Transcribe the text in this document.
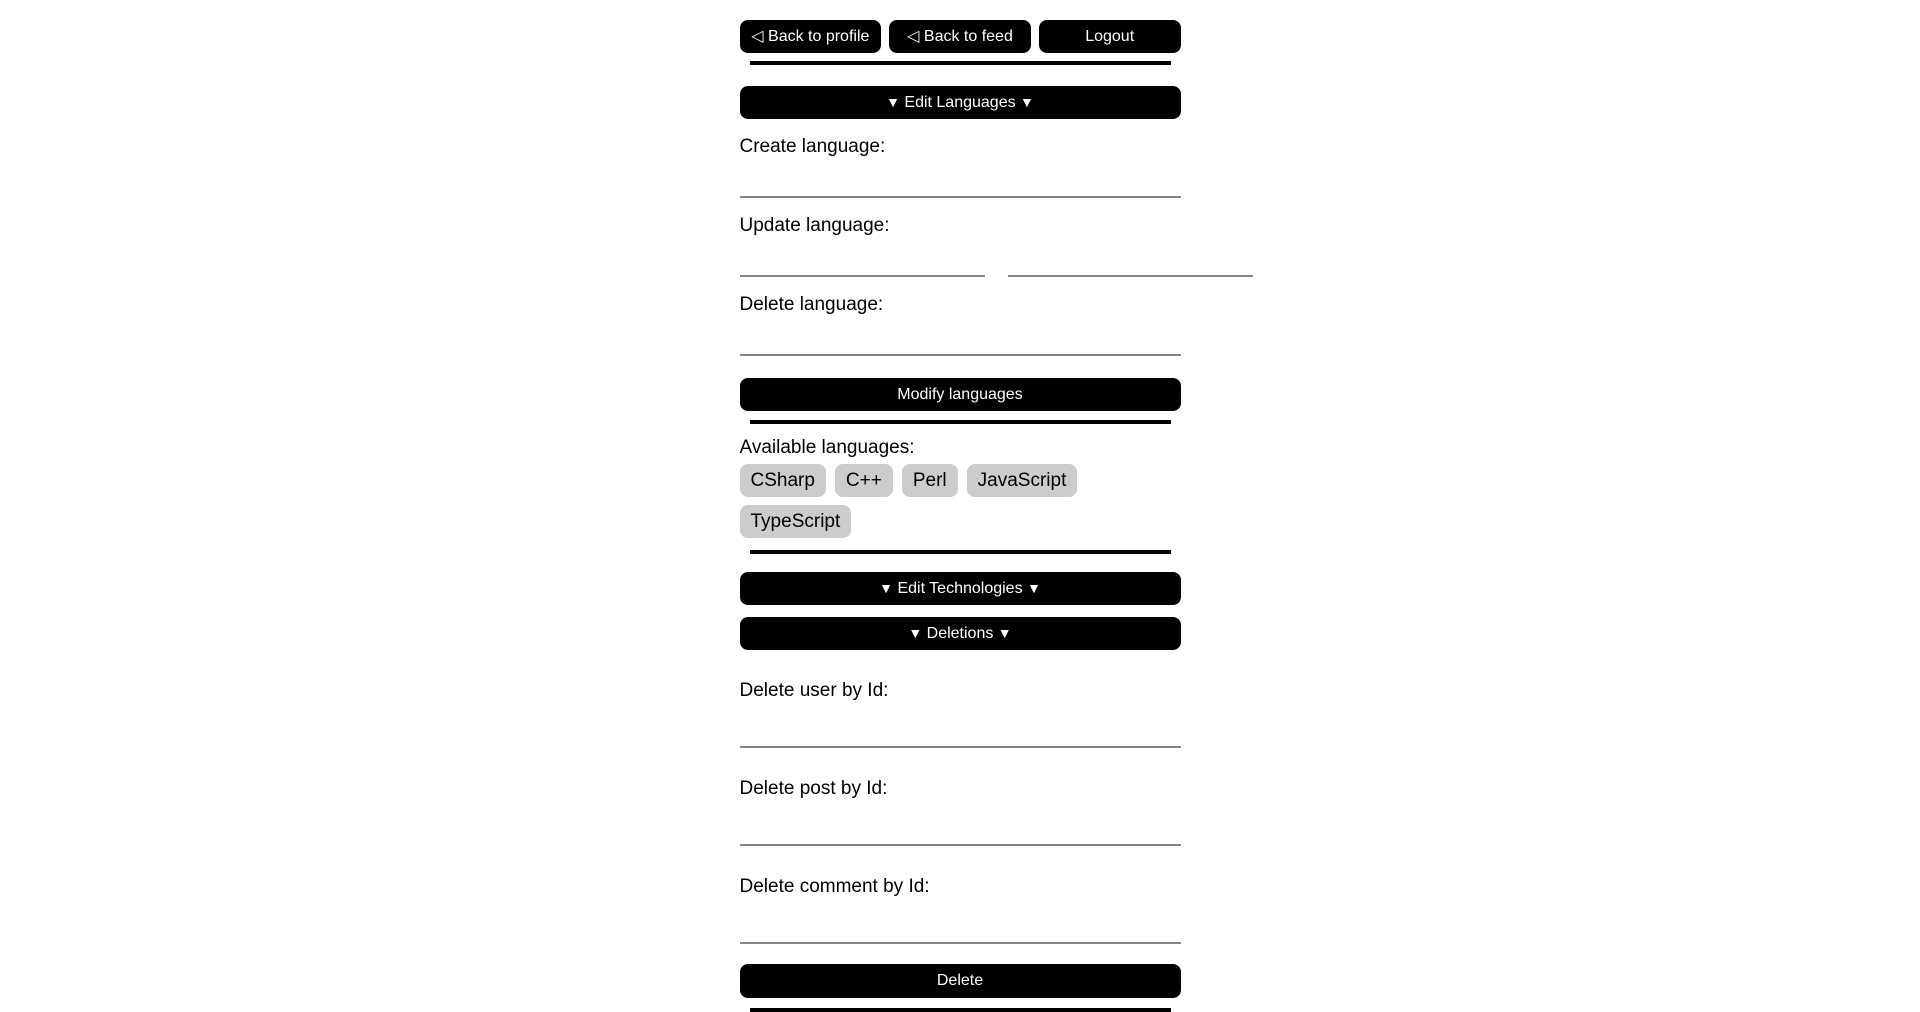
◁ Back to profile	◁ Back to feed	Logout
▼ Edit Languages ▼
Create language:
Update language:
Delete language:
Modify languages
Available languages:
CSharp	C++	Perl	JavaScript
TypeScript
▼ Edit Technologies ▼
▼ Deletions ▼
Delete user by Id:
Delete post by Id:
Delete comment by Id:
Delete
